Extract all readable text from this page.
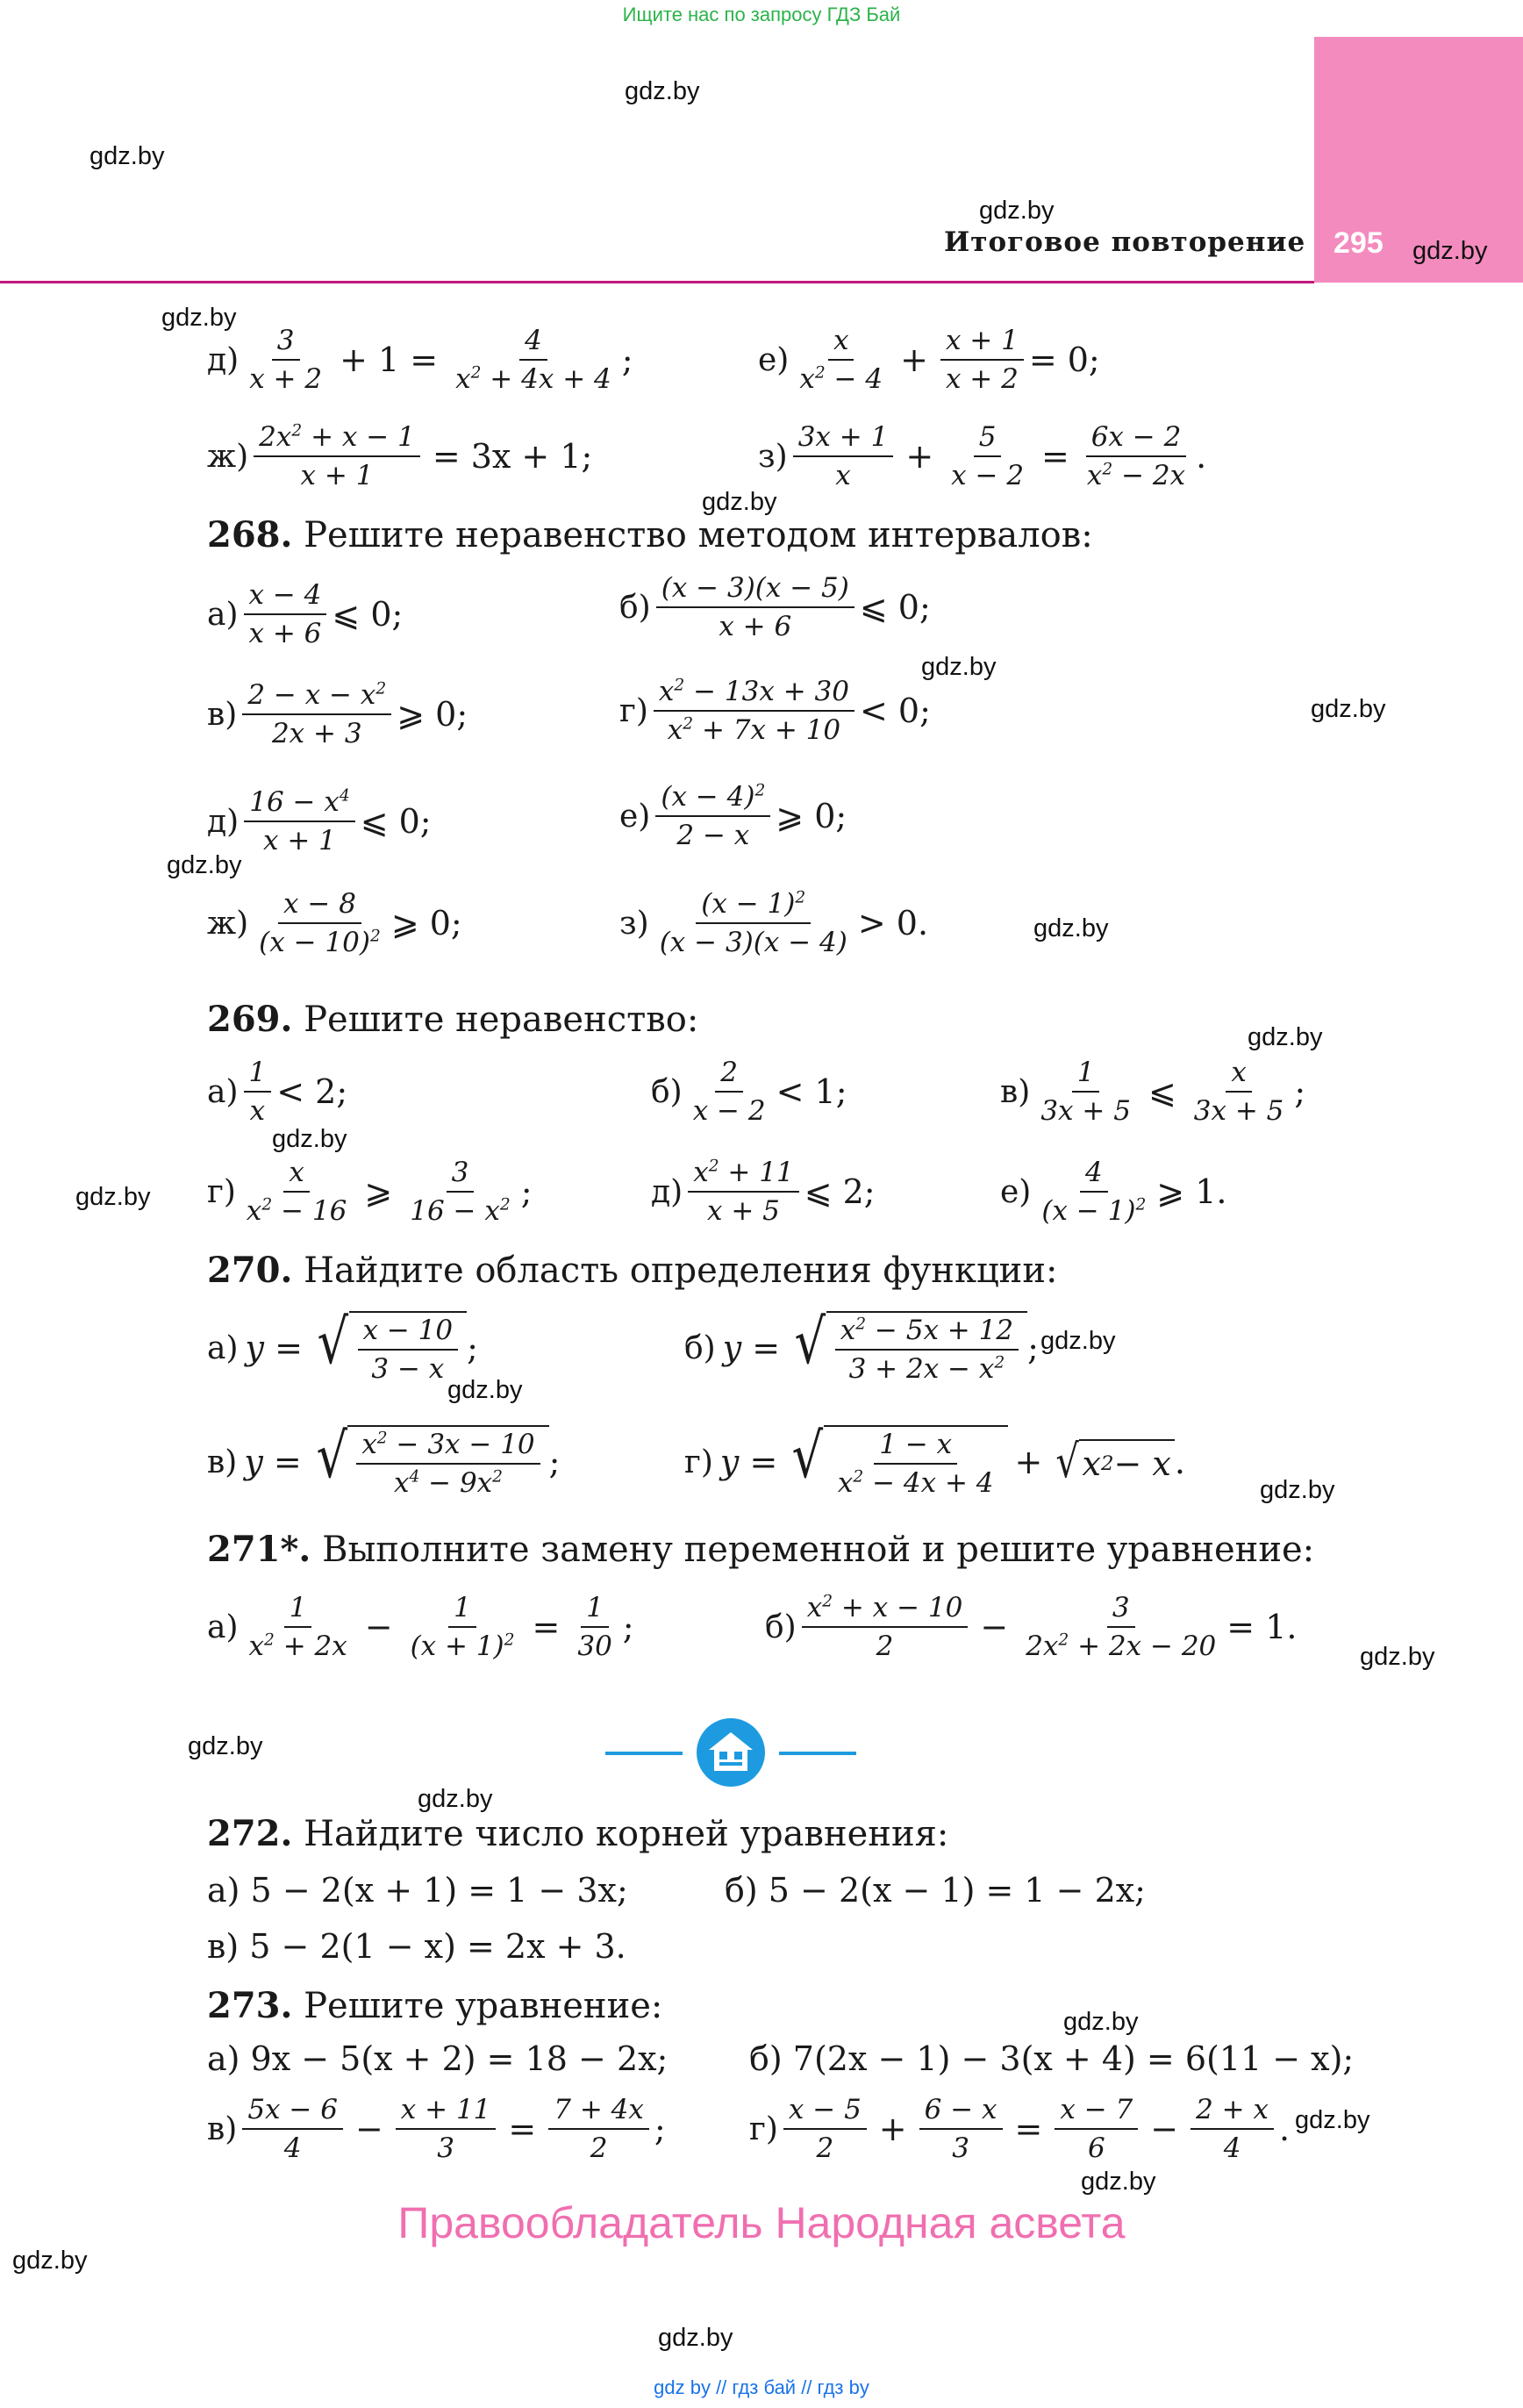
Ищите нас по запросу ГДЗ Бай
295
Итоговое повторение
gdz.by
gdz.by
gdz.by
gdz.by
gdz.by
gdz.by
gdz.by
gdz.by
gdz.by
gdz.by
gdz.by
gdz.by
gdz.by
gdz.by
gdz.by
gdz.by
gdz.by
gdz.by
gdz.by
gdz.by
gdz.by
gdz.by
gdz.by
gdz.by
$д) \frac{3}{x + 2} + 1 = \frac{4}{x^2 + 4x + 4}$ ;	$е) \frac{x}{x^2 - 4} + \frac{x + 1}{x + 2} = 0$;
$ж) \frac{2x^2 + x - 1}{x + 1} = 3x + 1$;	$з) \frac{3x + 1}{x} + \frac{5}{x - 2} = \frac{6x - 2}{x^2 - 2x}$ .
268. Решите неравенство методом интервалов:
$а) \frac{x - 4}{x + 6}$ ⩽ 0;	$б) \frac{(x - 3)(x - 5)}{x + 6}$ ⩽ 0;
$в) \frac{2 - x - x^2}{2x + 3}$ ⩾ 0;	$г) \frac{x^2 - 13x + 30}{x^2 + 7x + 10} < 0$;
$д) \frac{16 - x^4}{x + 1}$ ⩽ 0;	$е) \frac{(x - 4)^2}{2 - x}$ ⩾ 0;
$ж) \frac{x - 8}{(x - 10)^2}$ ⩾ 0;	$з) \frac{(x - 1)^2}{(x - 3)(x - 4)} > 0$.
269. Решите неравенство:
$а) \frac{1}{x} < 2$;	$б) \frac{2}{x - 2} < 1$;	$в) \frac{1}{3x + 5}$ ⩽ $\frac{x}{3x + 5}$ ;
$г) \frac{x}{x^2 - 16}$ ⩾ $\frac{3}{16 - x^2}$ ;	$д) \frac{x^2 + 11}{x + 5}$ ⩽ 2;	$е) \frac{4}{(x - 1)^2}$ ⩾ 1.
270. Найдите область определения функции:
а) y = √ $\frac{x - 10}{3 - x}$ ;	б) y = √ $\frac{x^2 - 5x + 12}{3 + 2x - x^2}$ ;
в) y = √ $\frac{x^2 - 3x - 10}{x^4 - 9x^2}$ ;	г) y = √ $\frac{1 - x}{x^2 - 4x + 4}$ + √ x 2 − x .
271*. Выполните замену переменной и решите уравнение:
$а) \frac{1}{x^2 + 2x} - \frac{1}{(x + 1)^2} = \frac{1}{30}$ ;	$б) \frac{x^2 + x - 10}{2} - \frac{3}{2x^2 + 2x - 20} = 1$.
272. Найдите число корней уравнения:
а) 5 − 2(x + 1) = 1 − 3x;	б) 5 − 2(x − 1) = 1 − 2x;
в) 5 − 2(1 − x) = 2x + 3.
273. Решите уравнение:
а) 9x − 5(x + 2) = 18 − 2x; б) 7(2x − 1) − 3(x + 4) = 6(11 − x);
$в) \frac{5x - 6}{4} - \frac{x + 11}{3} = \frac{7 + 4x}{2}$ ;	$г) \frac{x - 5}{2} + \frac{6 - x}{3} = \frac{x - 7}{6} - \frac{2 + x}{4}$ .
Правообладатель Народная асвета
gdz by // гдз бай // гдз by
